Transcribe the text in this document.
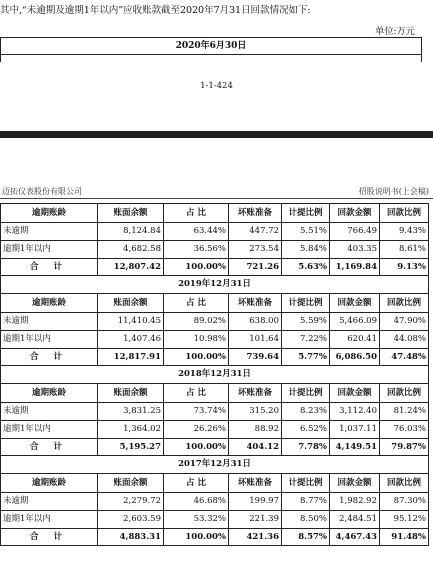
其中,“未逾期及逾期1年以内”应收账款截至2020年7月31日回款情况如下:
单位:万元
2020年6月30日
1-1-424
迈拓仪表股份有限公司	招股说明书(上会稿)
逾期账龄	账面余额	占 比	坏账准备	计提比例	回款金额	回款比例
未逾期	8,124.84	63.44%	447.72	5.51%	766.49	9.43%
逾期1年以内	4,682.58	36.56%	273.54	5.84%	403.35	8.61%
合 计	12,807.42	100.00%	721.26	5.63%	1,169.84	9.13%
2019年12月31日						
逾期账龄	账面余额	占 比	坏账准备	计提比例	回款金额	回款比例
未逾期	11,410.45	89.02%	638.00	5.59%	5,466.09	47.90%
逾期1年以内	1,407.46	10.98%	101.64	7.22%	620.41	44.08%
合 计	12,817.91	100.00%	739.64	5.77%	6,086.50	47.48%
2018年12月31日						
逾期账龄	账面余额	占 比	坏账准备	计提比例	回款金额	回款比例
未逾期	3,831.25	73.74%	315.20	8.23%	3,112.40	81.24%
逾期1年以内	1,364.02	26.26%	88.92	6.52%	1,037.11	76.03%
合 计	5,195.27	100.00%	404.12	7.78%	4,149.51	79.87%
2017年12月31日						
逾期账龄	账面余额	占 比	坏账准备	计提比例	回款金额	回款比例
未逾期	2,279.72	46.68%	199.97	8.77%	1,982.92	87.30%
逾期1年以内	2,603.59	53.32%	221.39	8.50%	2,484.51	95.12%
合 计	4,883.31	100.00%	421.36	8.57%	4,467.43	91.48%
